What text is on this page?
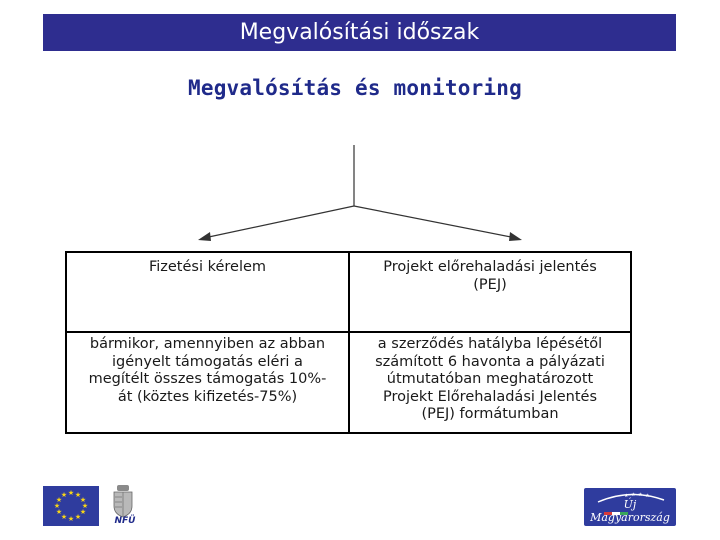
Megvalósítási időszak
Megvalósítás és monitoring
Fizetési kérelem	Projekt előrehaladási jelentés
(PEJ)
bármikor, amennyiben az abban
igényelt támogatás eléri a
megítélt összes támogatás 10%-
át (köztes kifizetés-75%)
a szerződés hatályba lépésétől
számított 6 havonta a pályázati
útmutatóban meghatározott
Projekt Előrehaladási Jelentés
(PEJ) formátumban
★ ★
★
★
★
★
★
★
★
★
★
★
NFÜ
★ ★ ★ ★
Új Magyarország
